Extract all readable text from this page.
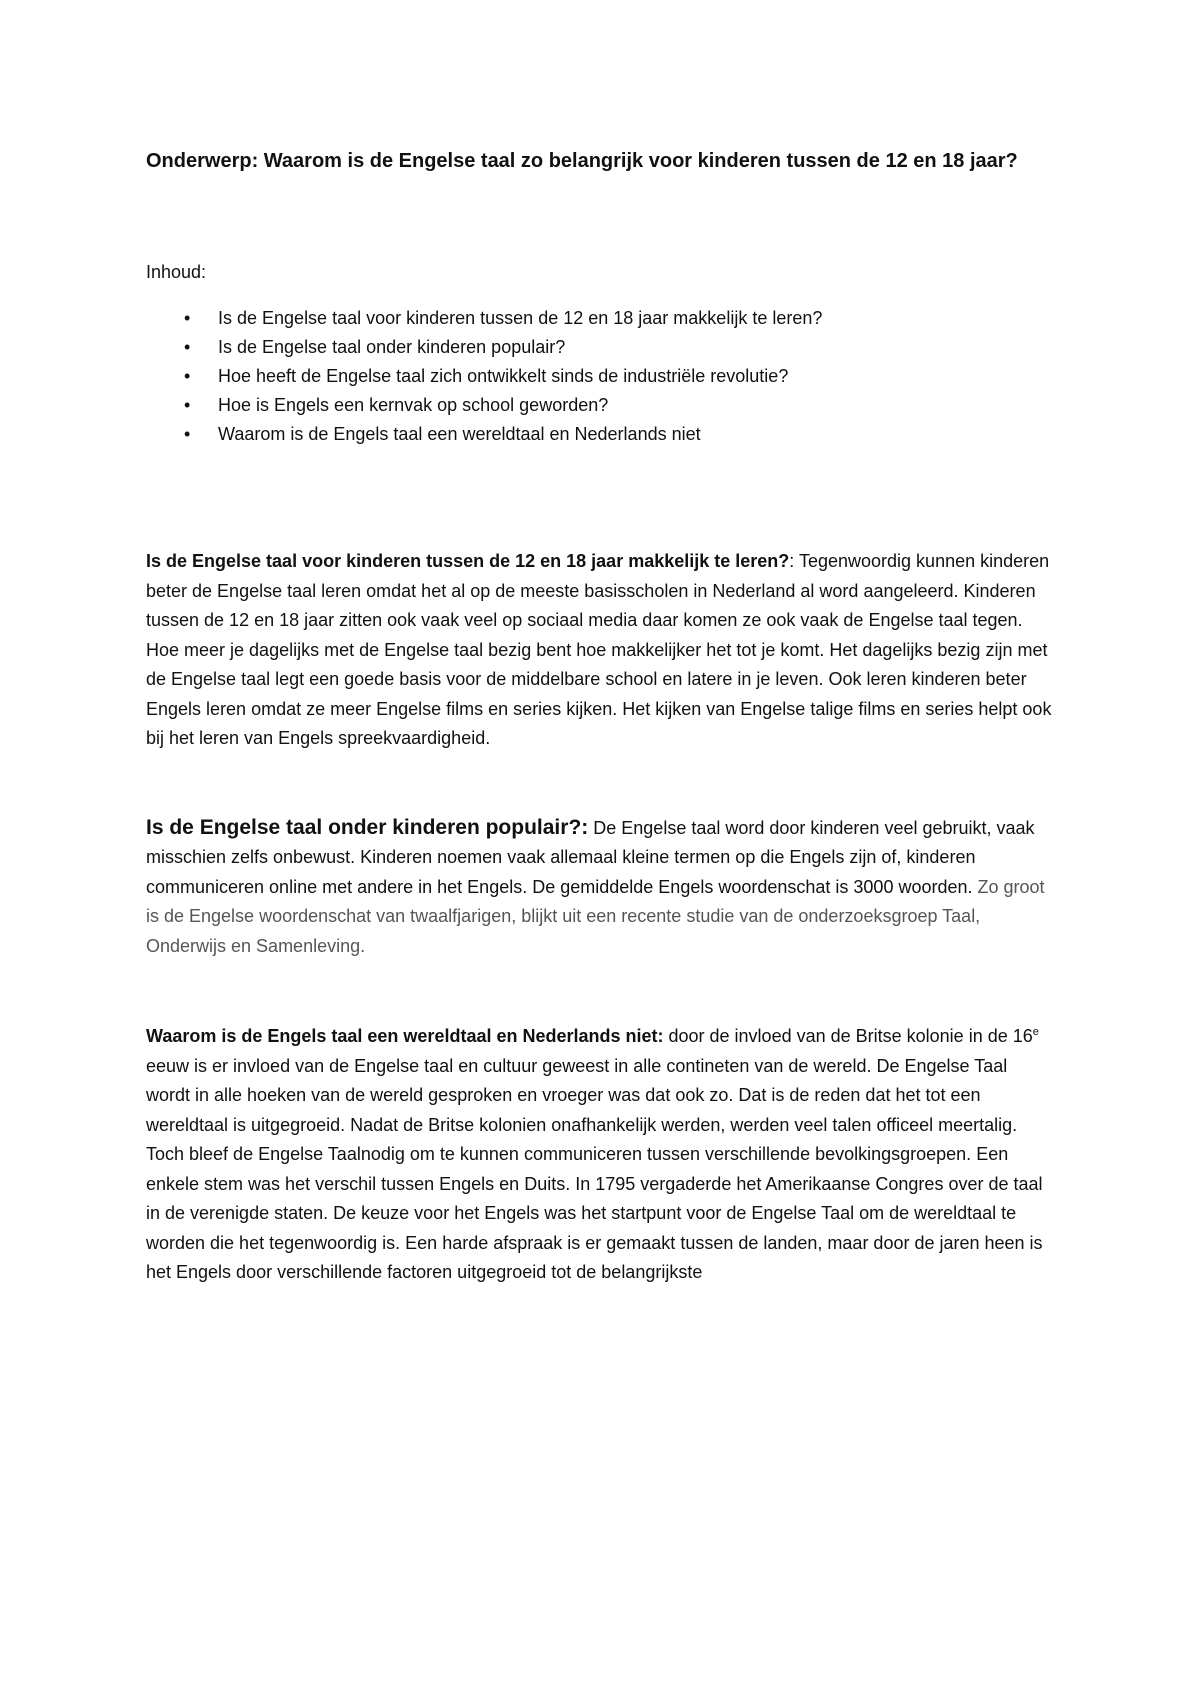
Onderwerp: Waarom is de Engelse taal zo belangrijk voor kinderen tussen de 12 en 18 jaar?

Inhoud:

• Is de Engelse taal voor kinderen tussen de 12 en 18 jaar makkelijk te leren?
• Is de Engelse taal onder kinderen populair?
• Hoe heeft de Engelse taal zich ontwikkelt sinds de industriële revolutie?
• Hoe is Engels een kernvak op school geworden?
• Waarom is de Engels taal een wereldtaal en Nederlands niet

Is de Engelse taal voor kinderen tussen de 12 en 18 jaar makkelijk te leren?: Tegenwoordig kunnen kinderen beter de Engelse taal leren omdat het al op de meeste basisscholen in Nederland al word aangeleerd. Kinderen tussen de 12 en 18 jaar zitten ook vaak veel op sociaal media daar komen ze ook vaak de Engelse taal tegen. Hoe meer je dagelijks met de Engelse taal bezig bent hoe makkelijker het tot je komt. Het dagelijks bezig zijn met de Engelse taal legt een goede basis voor de middelbare school en latere in je leven. Ook leren kinderen beter Engels leren omdat ze meer Engelse films en series kijken. Het kijken van Engelse talige films en series helpt ook bij het leren van Engels spreekvaardigheid.

Is de Engelse taal onder kinderen populair?: De Engelse taal word door kinderen veel gebruikt, vaak misschien zelfs onbewust. Kinderen noemen vaak allemaal kleine termen op die Engels zijn of, kinderen communiceren online met andere in het Engels. De gemiddelde Engels woordenschat is 3000 woorden. Zo groot is de Engelse woordenschat van twaalfjarigen, blijkt uit een recente studie van de onderzoeksgroep Taal, Onderwijs en Samenleving.

Waarom is de Engels taal een wereldtaal en Nederlands niet: door de invloed van de Britse kolonie in de 16e eeuw is er invloed van de Engelse taal en cultuur geweest in alle contineten van de wereld. De Engelse Taal wordt in alle hoeken van de wereld gesproken en vroeger was dat ook zo. Dat is de reden dat het tot een wereldtaal is uitgegroeid. Nadat de Britse kolonien onafhankelijk werden, werden veel talen officeel meertalig. Toch bleef de Engelse Taalnodig om te kunnen communiceren tussen verschillende bevolkingsgroepen. Een enkele stem was het verschil tussen Engels en Duits. In 1795 vergaderde het Amerikaanse Congres over de taal in de verenigde staten. De keuze voor het Engels was het startpunt voor de Engelse Taal om de wereldtaal te worden die het tegenwoordig is. Een harde afspraak is er gemaakt tussen de landen, maar door de jaren heen is het Engels door verschillende factoren uitgegroeid tot de belangrijkste
